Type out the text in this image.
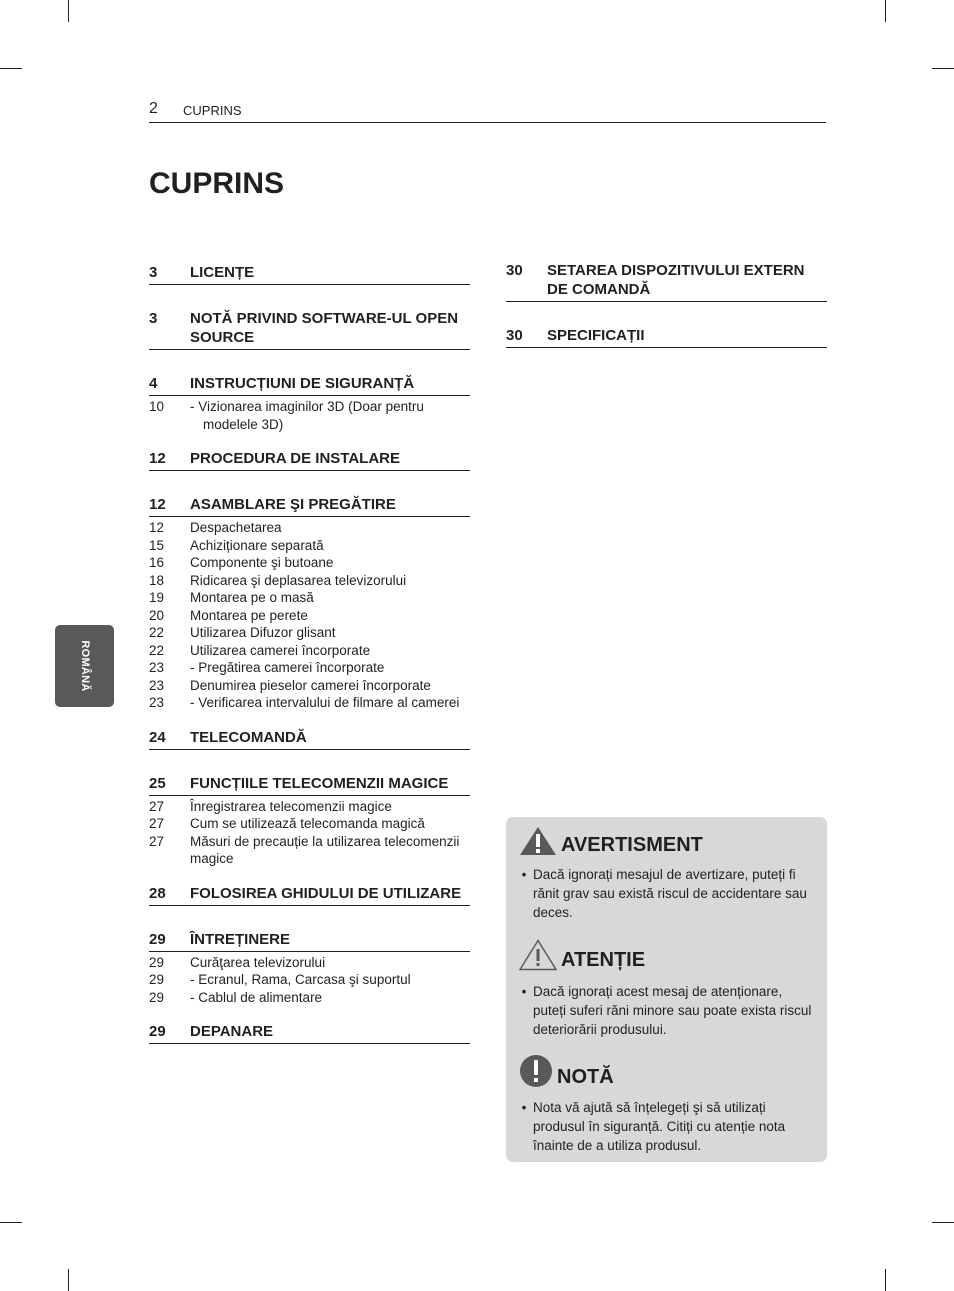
2 CUPRINS
CUPRINS
ROMÂNĂ
3	LICENȚE
3	NOTĂ PRIVIND SOFTWARE-UL OPEN SOURCE
4	INSTRUCȚIUNI DE SIGURANȚĂ
10	- Vizionarea imaginilor 3D (Doar pentru modelele 3D)
12	PROCEDURA DE INSTALARE
12	ASAMBLARE ŞI PREGĂTIRE
12	Despachetarea
15	Achiziționare separată
16	Componente şi butoane
18	Ridicarea şi deplasarea televizorului
19	Montarea pe o masă
20	Montarea pe perete
22	Utilizarea Difuzor glisant
22	Utilizarea camerei încorporate
23	- Pregătirea camerei încorporate
23	Denumirea pieselor camerei încorporate
23	- Verificarea intervalului de filmare al camerei
24	TELECOMANDĂ
25	FUNCȚIILE TELECOMENZII MAGICE
27	Înregistrarea telecomenzii magice
27	Cum se utilizează telecomanda magică
27	Măsuri de precauție la utilizarea telecomenzii magice
28	FOLOSIREA GHIDULUI DE UTILIZARE
29	ÎNTREȚINERE
29	Curăţarea televizorului
29	- Ecranul, Rama, Carcasa şi suportul
29	- Cablul de alimentare
29	DEPANARE
30	SETAREA DISPOZITIVULUI EXTERN DE COMANDĂ
30	SPECIFICAȚII
AVERTISMENT
• Dacă ignorați mesajul de avertizare, puteți fi rănit grav sau există riscul de accidentare sau deces.
ATENȚIE
• Dacă ignorați acest mesaj de atenționare, puteți suferi răni minore sau poate exista riscul deteriorării produsului.
NOTĂ
• Nota vă ajută să înțelegeți şi să utilizați produsul în siguranță. Citiți cu atenție nota înainte de a utiliza produsul.
